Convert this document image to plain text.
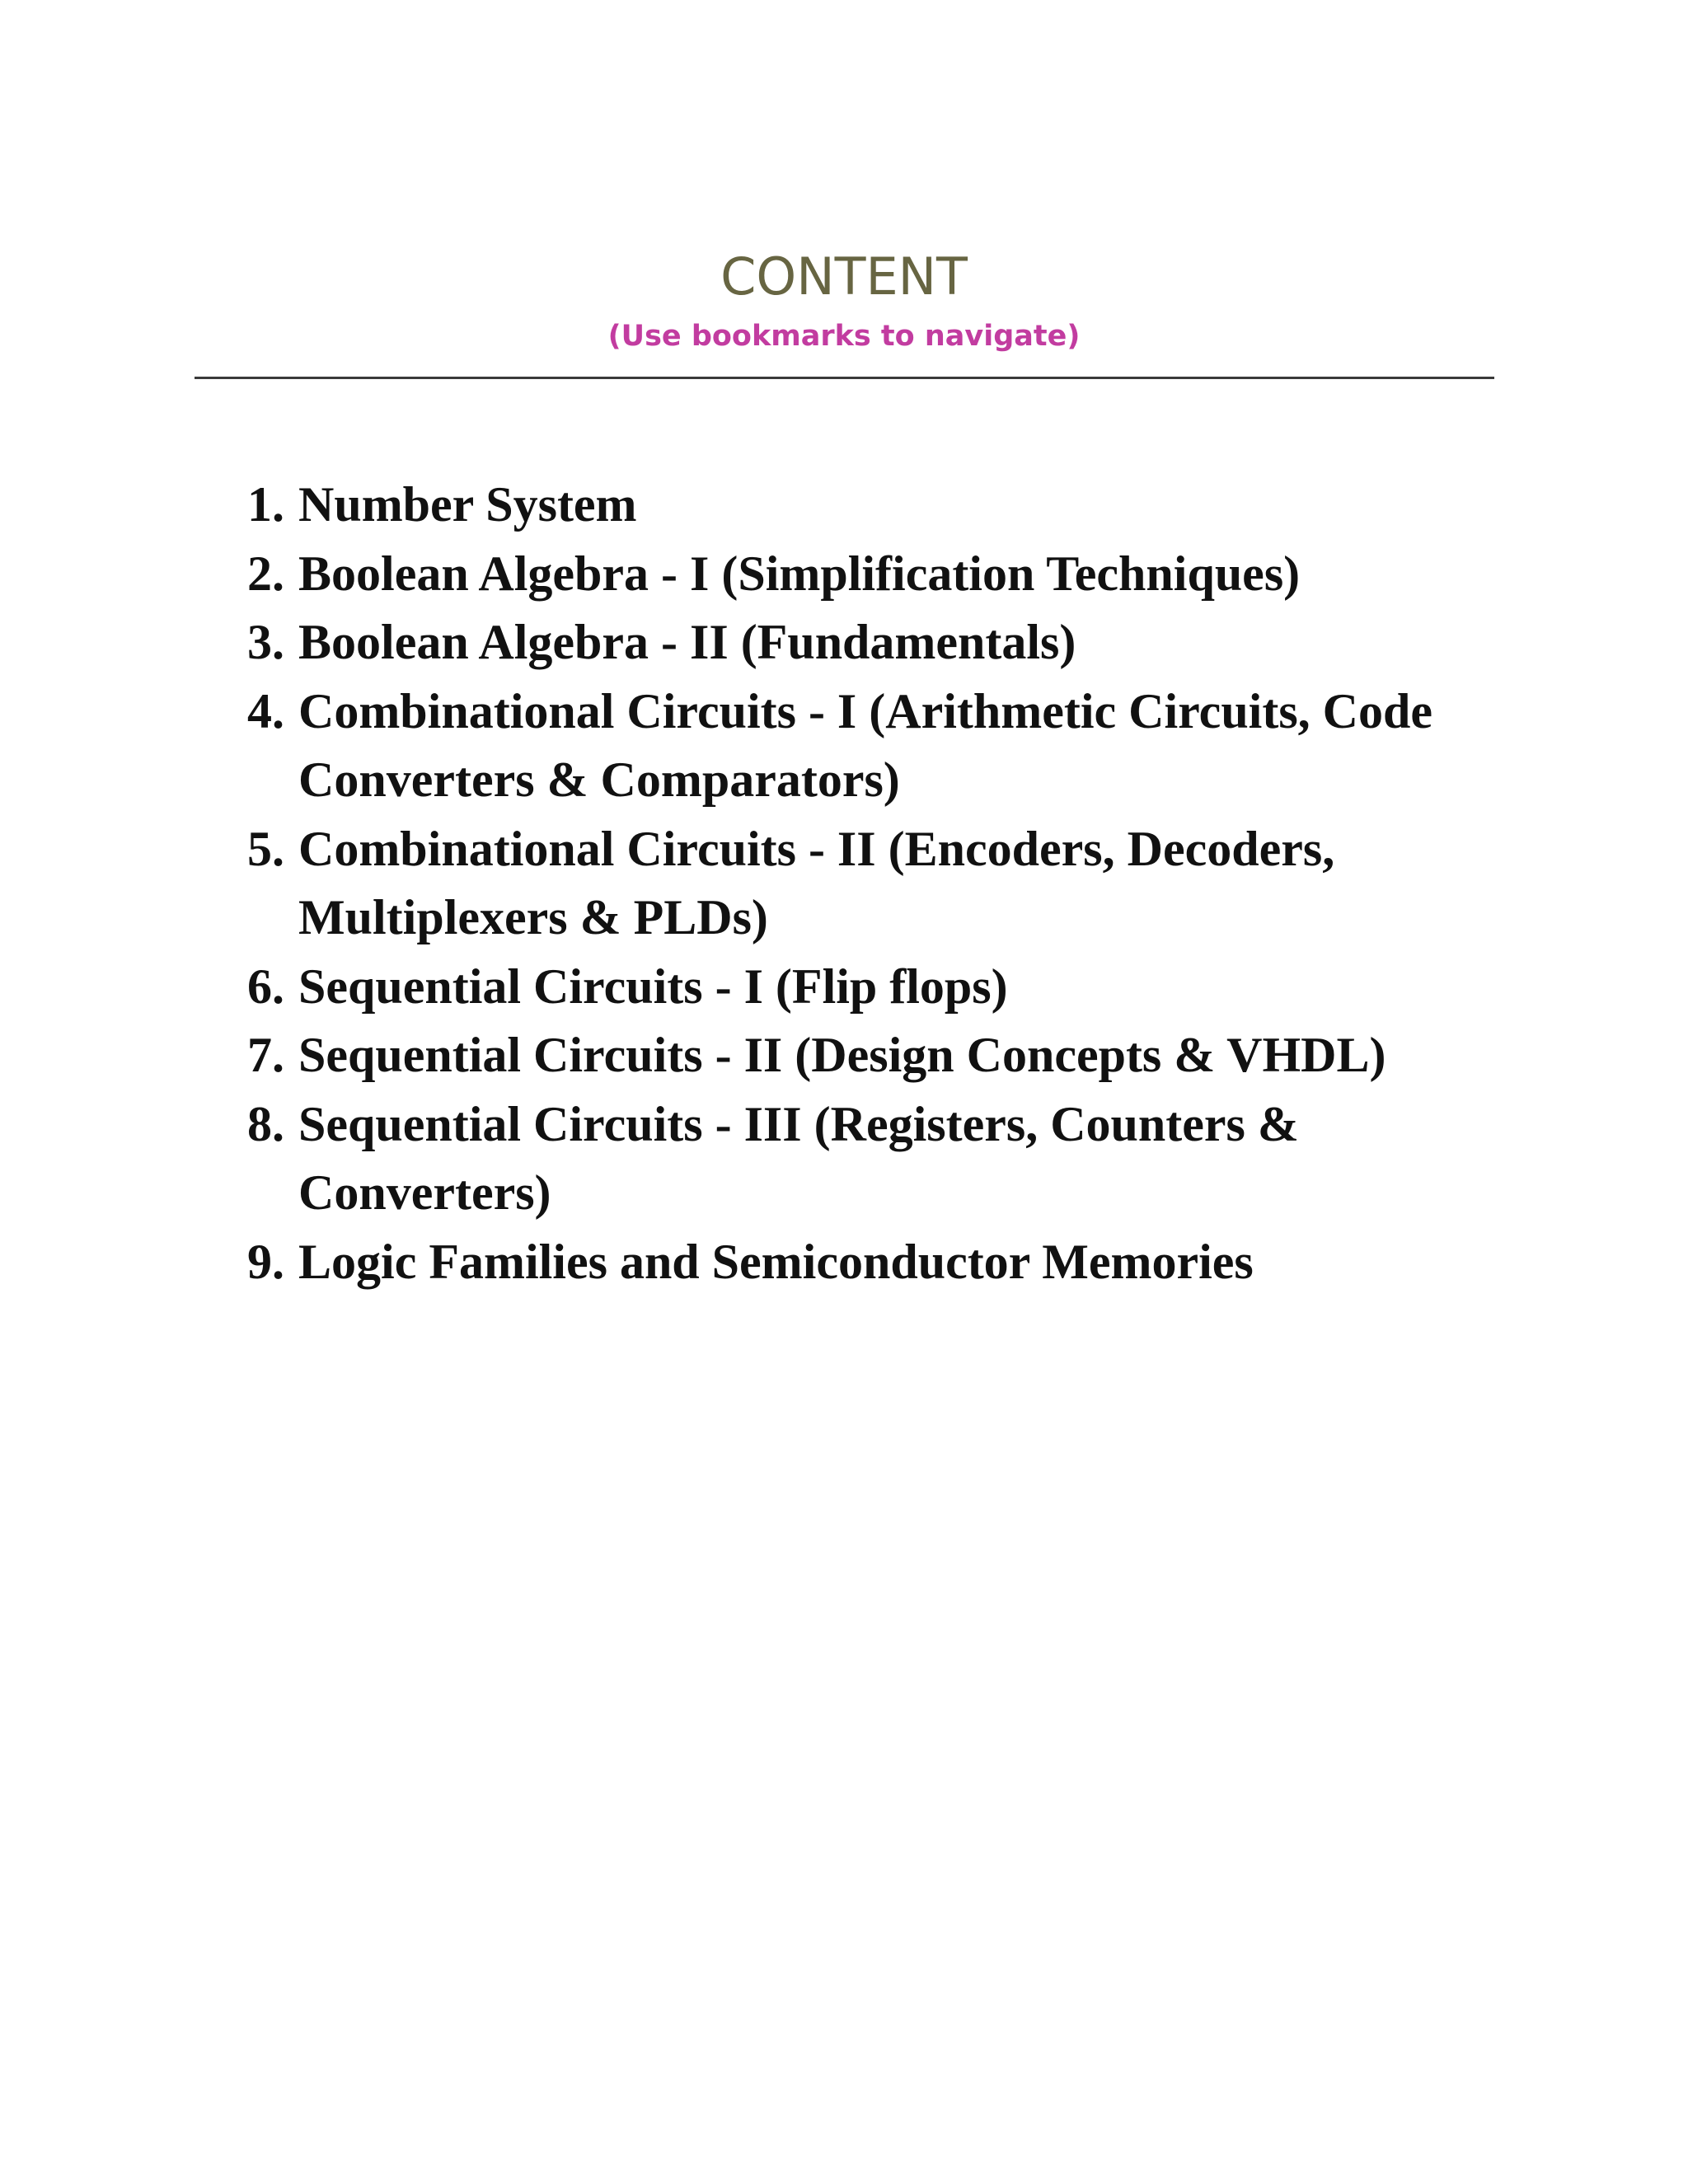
CONTENT
(Use bookmarks to navigate)
1. Number System
2. Boolean Algebra - I (Simplification Techniques)
3. Boolean Algebra - II (Fundamentals)
4. Combinational Circuits - I (Arithmetic Circuits, Code Converters & Comparators)
5. Combinational Circuits - II (Encoders, Decoders, Multiplexers & PLDs)
6. Sequential Circuits - I (Flip flops)
7. Sequential Circuits - II (Design Concepts & VHDL)
8. Sequential Circuits - III (Registers, Counters & Converters)
9. Logic Families and Semiconductor Memories
